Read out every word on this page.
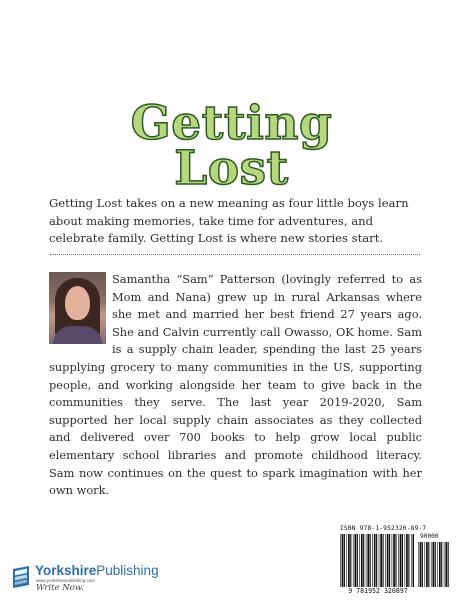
Getting
Lost
Getting Lost takes on a new meaning as four little boys learn about making memories, take time for adventures, and celebrate family. Getting Lost is where new stories start.
Samantha “Sam” Patterson (lovingly referred to as Mom and Nana) grew up in rural Arkansas where she met and married her best friend 27 years ago. She and Calvin currently call Owasso, OK home. Sam is a supply chain leader, spending the last 25 years supplying grocery to many communities in the US, supporting people, and working alongside her team to give back in the communities they serve. The last year 2019-2020, Sam supported her local supply chain associates as they collected and delivered over 700 books to help grow local public elementary school libraries and promote childhood literacy. Sam now continues on the quest to spark imagination with her own work.
YorkshirePublishing
www.yorkshirepublishing.com
Write Now.
ISBN 978-1-952320-89-7
90000
9 781952 320897
